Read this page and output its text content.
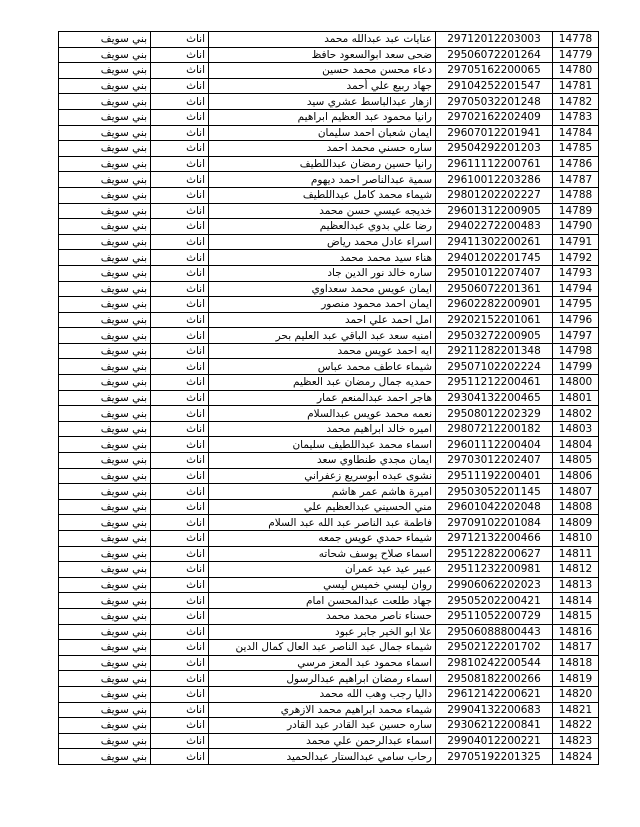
بني سويف	اناث	عنايات عبد عبدالله محمد	29712012203003	14778
بني سويف	اناث	ضحى سعد ابوالسعود حافظ	29506072201264	14779
بني سويف	اناث	دعاء محسن محمد حسين	29705162200065	14780
بني سويف	اناث	جهاد ربيع علي أحمد	29104252201547	14781
بني سويف	اناث	ازهار عبدالباسط عشري سيد	29705032201248	14782
بني سويف	اناث	رانيا محمود عبد العظيم ابراهيم	29702162202409	14783
بني سويف	اناث	ايمان شعبان احمد سليمان	29607012201941	14784
بني سويف	اناث	ساره حسني محمد احمد	29504292201203	14785
بني سويف	اناث	رانيا حسين رمضان عبداللطيف	29611112200761	14786
بني سويف	اناث	سمية عبدالناصر احمد ديهوم	29610012203286	14787
بني سويف	اناث	شيماء محمد كامل عبداللطيف	29801202202227	14788
بني سويف	اناث	خديجه عيسي حسن محمد	29601312200905	14789
بني سويف	اناث	رضا علي بدوي عبدالعظيم	29402272200483	14790
بني سويف	اناث	اسراء عادل محمد رياض	29411302200261	14791
بني سويف	اناث	هناء سيد محمد محمد	29401202201745	14792
بني سويف	اناث	ساره خالد نور الدين جاد	29501012207407	14793
بني سويف	اناث	ايمان عويس محمد سعداوي	29506072201361	14794
بني سويف	اناث	ايمان احمد محمود منصور	29602282200901	14795
بني سويف	اناث	امل احمد علي احمد	29202152201061	14796
بني سويف	اناث	امنيه سعد عبد الباقي عبد العليم بحر	29503272200905	14797
بني سويف	اناث	ايه احمد عويس محمد	29211282201348	14798
بني سويف	اناث	شيماء عاطف محمد عباس	29507102202224	14799
بني سويف	اناث	حمديه جمال رمضان عبد العظيم	29511212200461	14800
بني سويف	اناث	هاجر احمد عبدالمنعم عمار	29304132200465	14801
بني سويف	اناث	نعمه محمد عويس عبدالسلام	29508012202329	14802
بني سويف	اناث	اميره خالد ابراهيم محمد	29807212200182	14803
بني سويف	اناث	اسماء محمد عبداللطيف سليمان	29601112200404	14804
بني سويف	اناث	ايمان مجدي طنطاوي سعد	29703012202407	14805
بني سويف	اناث	نشوى عبده ابوسريع زعفراني	29511192200401	14806
بني سويف	اناث	اميرة هاشم عمر هاشم	29503052201145	14807
بني سويف	اناث	مني الحسيني عبدالعظيم علي	29601042202048	14808
بني سويف	اناث	فاطمة عبد الناصر عبد الله عبد السلام	29709102201084	14809
بني سويف	اناث	شيماء حمدي عويس جمعه	29712132200466	14810
بني سويف	اناث	اسماء صلاح يوسف شحاته	29512282200627	14811
بني سويف	اناث	عبير عيد عيد عمران	29511232200981	14812
بني سويف	اناث	روان ليسي خميس ليسي	29906062202023	14813
بني سويف	اناث	جهاد طلعت عبدالمحسن امام	29505202200421	14814
بني سويف	اناث	حسناء ناصر محمد محمد	29511052200729	14815
بني سويف	اناث	علا ابو الخير جابر عبود	29506088800443	14816
بني سويف	اناث	شيماء جمال عبد الناصر عبد العال كمال الدين	29502122201702	14817
بني سويف	اناث	اسماء محمود عبد المعز مرسي	29810242200544	14818
بني سويف	اناث	اسماء رمضان ابراهيم عبدالرسول	29508182200266	14819
بني سويف	اناث	داليا رجب وهب الله محمد	29612142200621	14820
بني سويف	اناث	شيماء محمد ابراهيم محمد الازهري	29904132200683	14821
بني سويف	اناث	ساره حسين عبد القادر عبد القادر	29306212200841	14822
بني سويف	اناث	اسماء عبدالرحمن علي محمد	29904012200221	14823
بني سويف	اناث	رحاب سامي عبدالستار عبدالحميد	29705192201325	14824
